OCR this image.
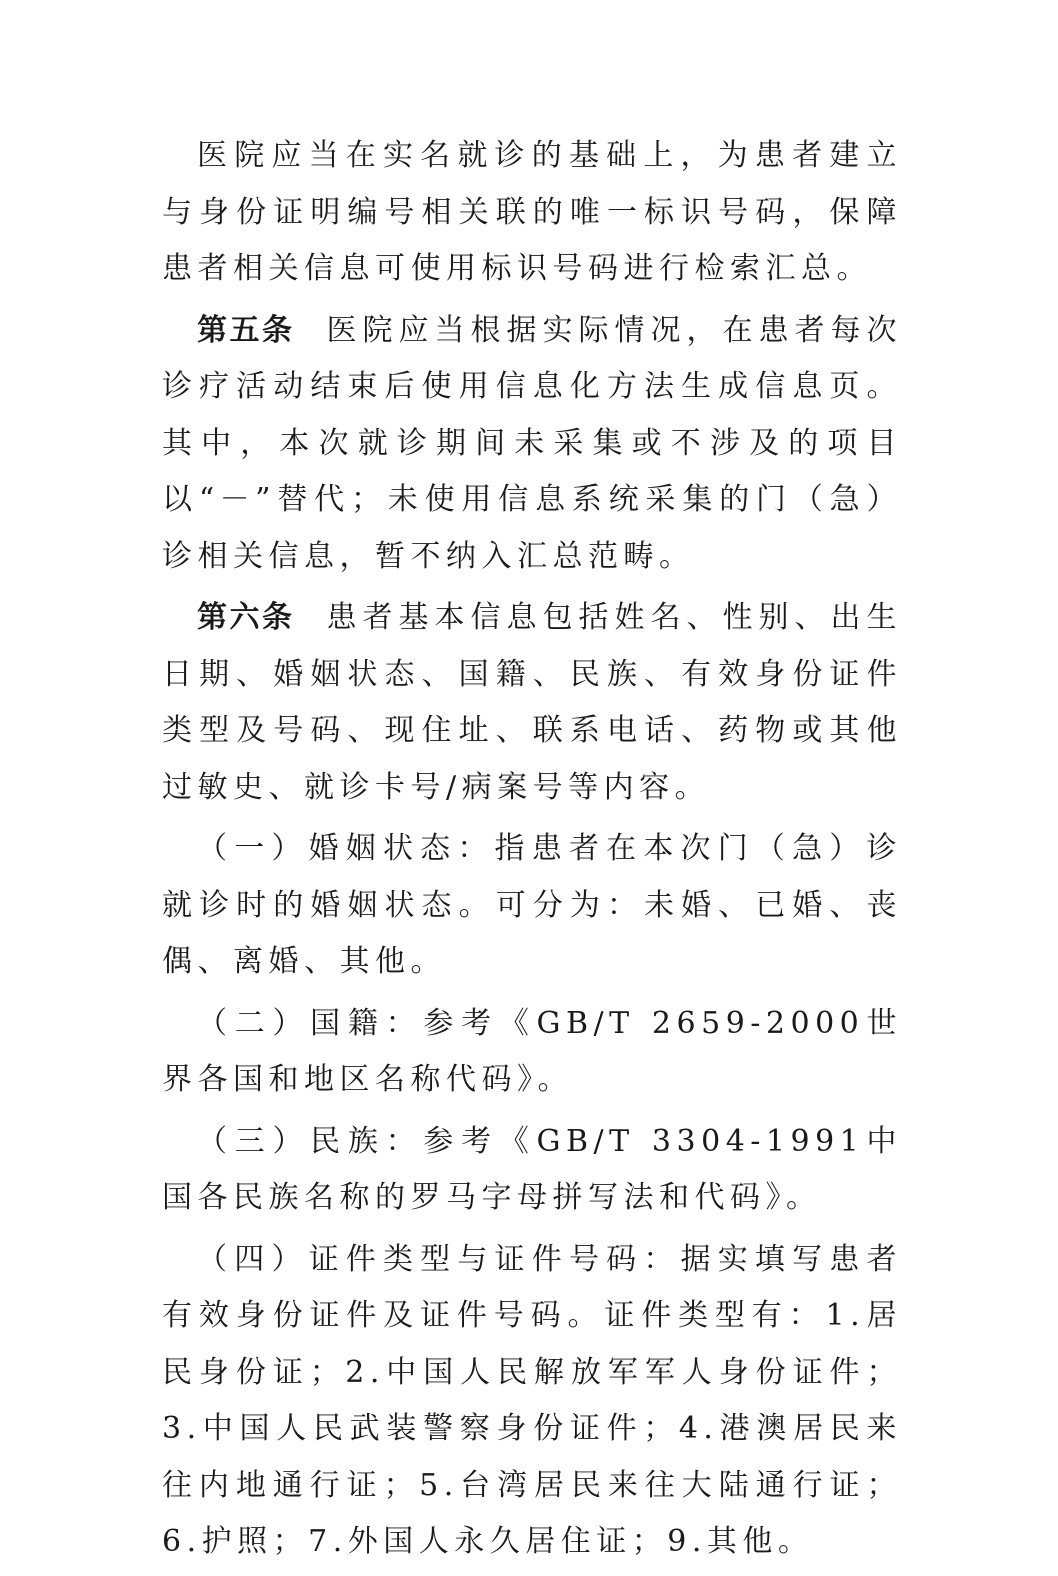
医院应当在实名就诊的基础上，为患者建立与身份证明编号相关联的唯一标识号码，保障患者相关信息可使用标识号码进行检索汇总。

第五条 医院应当根据实际情况，在患者每次诊疗活动结束后使用信息化方法生成信息页。其中，本次就诊期间未采集或不涉及的项目以“－”替代；未使用信息系统采集的门（急）诊相关信息，暂不纳入汇总范畴。

第六条 患者基本信息包括姓名、性别、出生日期、婚姻状态、国籍、民族、有效身份证件类型及号码、现住址、联系电话、药物或其他过敏史、就诊卡号/病案号等内容。

（一）婚姻状态：指患者在本次门（急）诊就诊时的婚姻状态。可分为：未婚、已婚、丧偶、离婚、其他。

（二）国籍：参考《GB/T 2659-2000世界各国和地区名称代码》。

（三）民族：参考《GB/T 3304-1991中国各民族名称的罗马字母拼写法和代码》。

（四）证件类型与证件号码：据实填写患者有效身份证件及证件号码。证件类型有：1.居民身份证；2.中国人民解放军军人身份证件；3.中国人民武装警察身份证件；4.港澳居民来往内地通行证；5.台湾居民来往大陆通行证；6.护照；7.外国人永久居住证；9.其他。
